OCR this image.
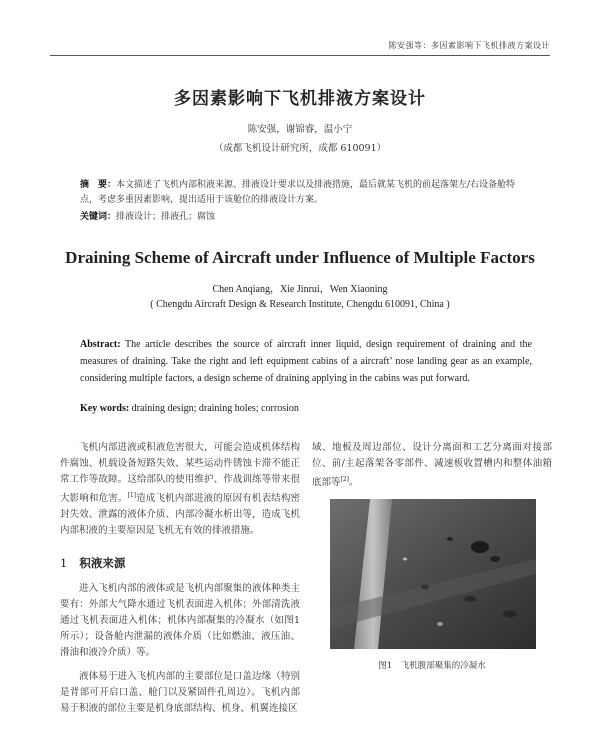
陈安强等：多因素影响下飞机排液方案设计
多因素影响下飞机排液方案设计
陈安强，谢锦睿，温小宁
（成都飞机设计研究所，成都 610091）
摘　要：本文描述了飞机内部积液来源、排液设计要求以及排液措施，最后就某飞机的前起落架左/右设备舱特点，考虑多重因素影响，提出适用于该舱位的排液设计方案。
关键词：排液设计；排液孔；腐蚀
Draining Scheme of Aircraft under Influence of Multiple Factors
Chen Anqiang，Xie Jinrui，Wen Xiaoning
( Chengdu Aircraft Design & Research Institute, Chengdu 610091, China )
Abstract: The article describes the source of aircraft inner liquid, design requirement of draining and the measures of draining. Take the right and left equipment cabins of a aircraft’ nose landing gear as an example, considering multiple factors, a design scheme of draining applying in the cabins was put forward.
Key words: draining design; draining holes; corrosion

飞机内部进液或积液危害很大，可能会造成机体结构件腐蚀、机载设备短路失效、某些运动件锈蚀卡滞不能正常工作等故障。这给部队的使用维护、作战训练等带来很大影响和危害。[1]造成飞机内部进液的原因有机表结构密封失效、泄露的液体介质、内部冷凝水析出等，造成飞机内部积液的主要原因是飞机无有效的排液措施。

1 积液来源

进入飞机内部的液体或是飞机内部聚集的液体种类主要有：外部大气降水通过飞机表面进入机体；外部清洗液通过飞机表面进入机体；机体内部凝集的冷凝水（如图1所示）；设备舱内泄漏的液体介质（比如燃油、液压油、滑油和液冷介质）等。

液体易于进入飞机内部的主要部位是口盖边缘（特别是背部可开启口盖、舱门以及紧固件孔周边）。飞机内部易于积液的部位主要是机身底部结构、机身、机翼连接区

域、地板及周边部位、设计分离面和工艺分离面对接部位、前/主起落架各零部件、减速板收置槽内和整体油箱底部等[2]。

图1　飞机腹部聚集的冷凝水
